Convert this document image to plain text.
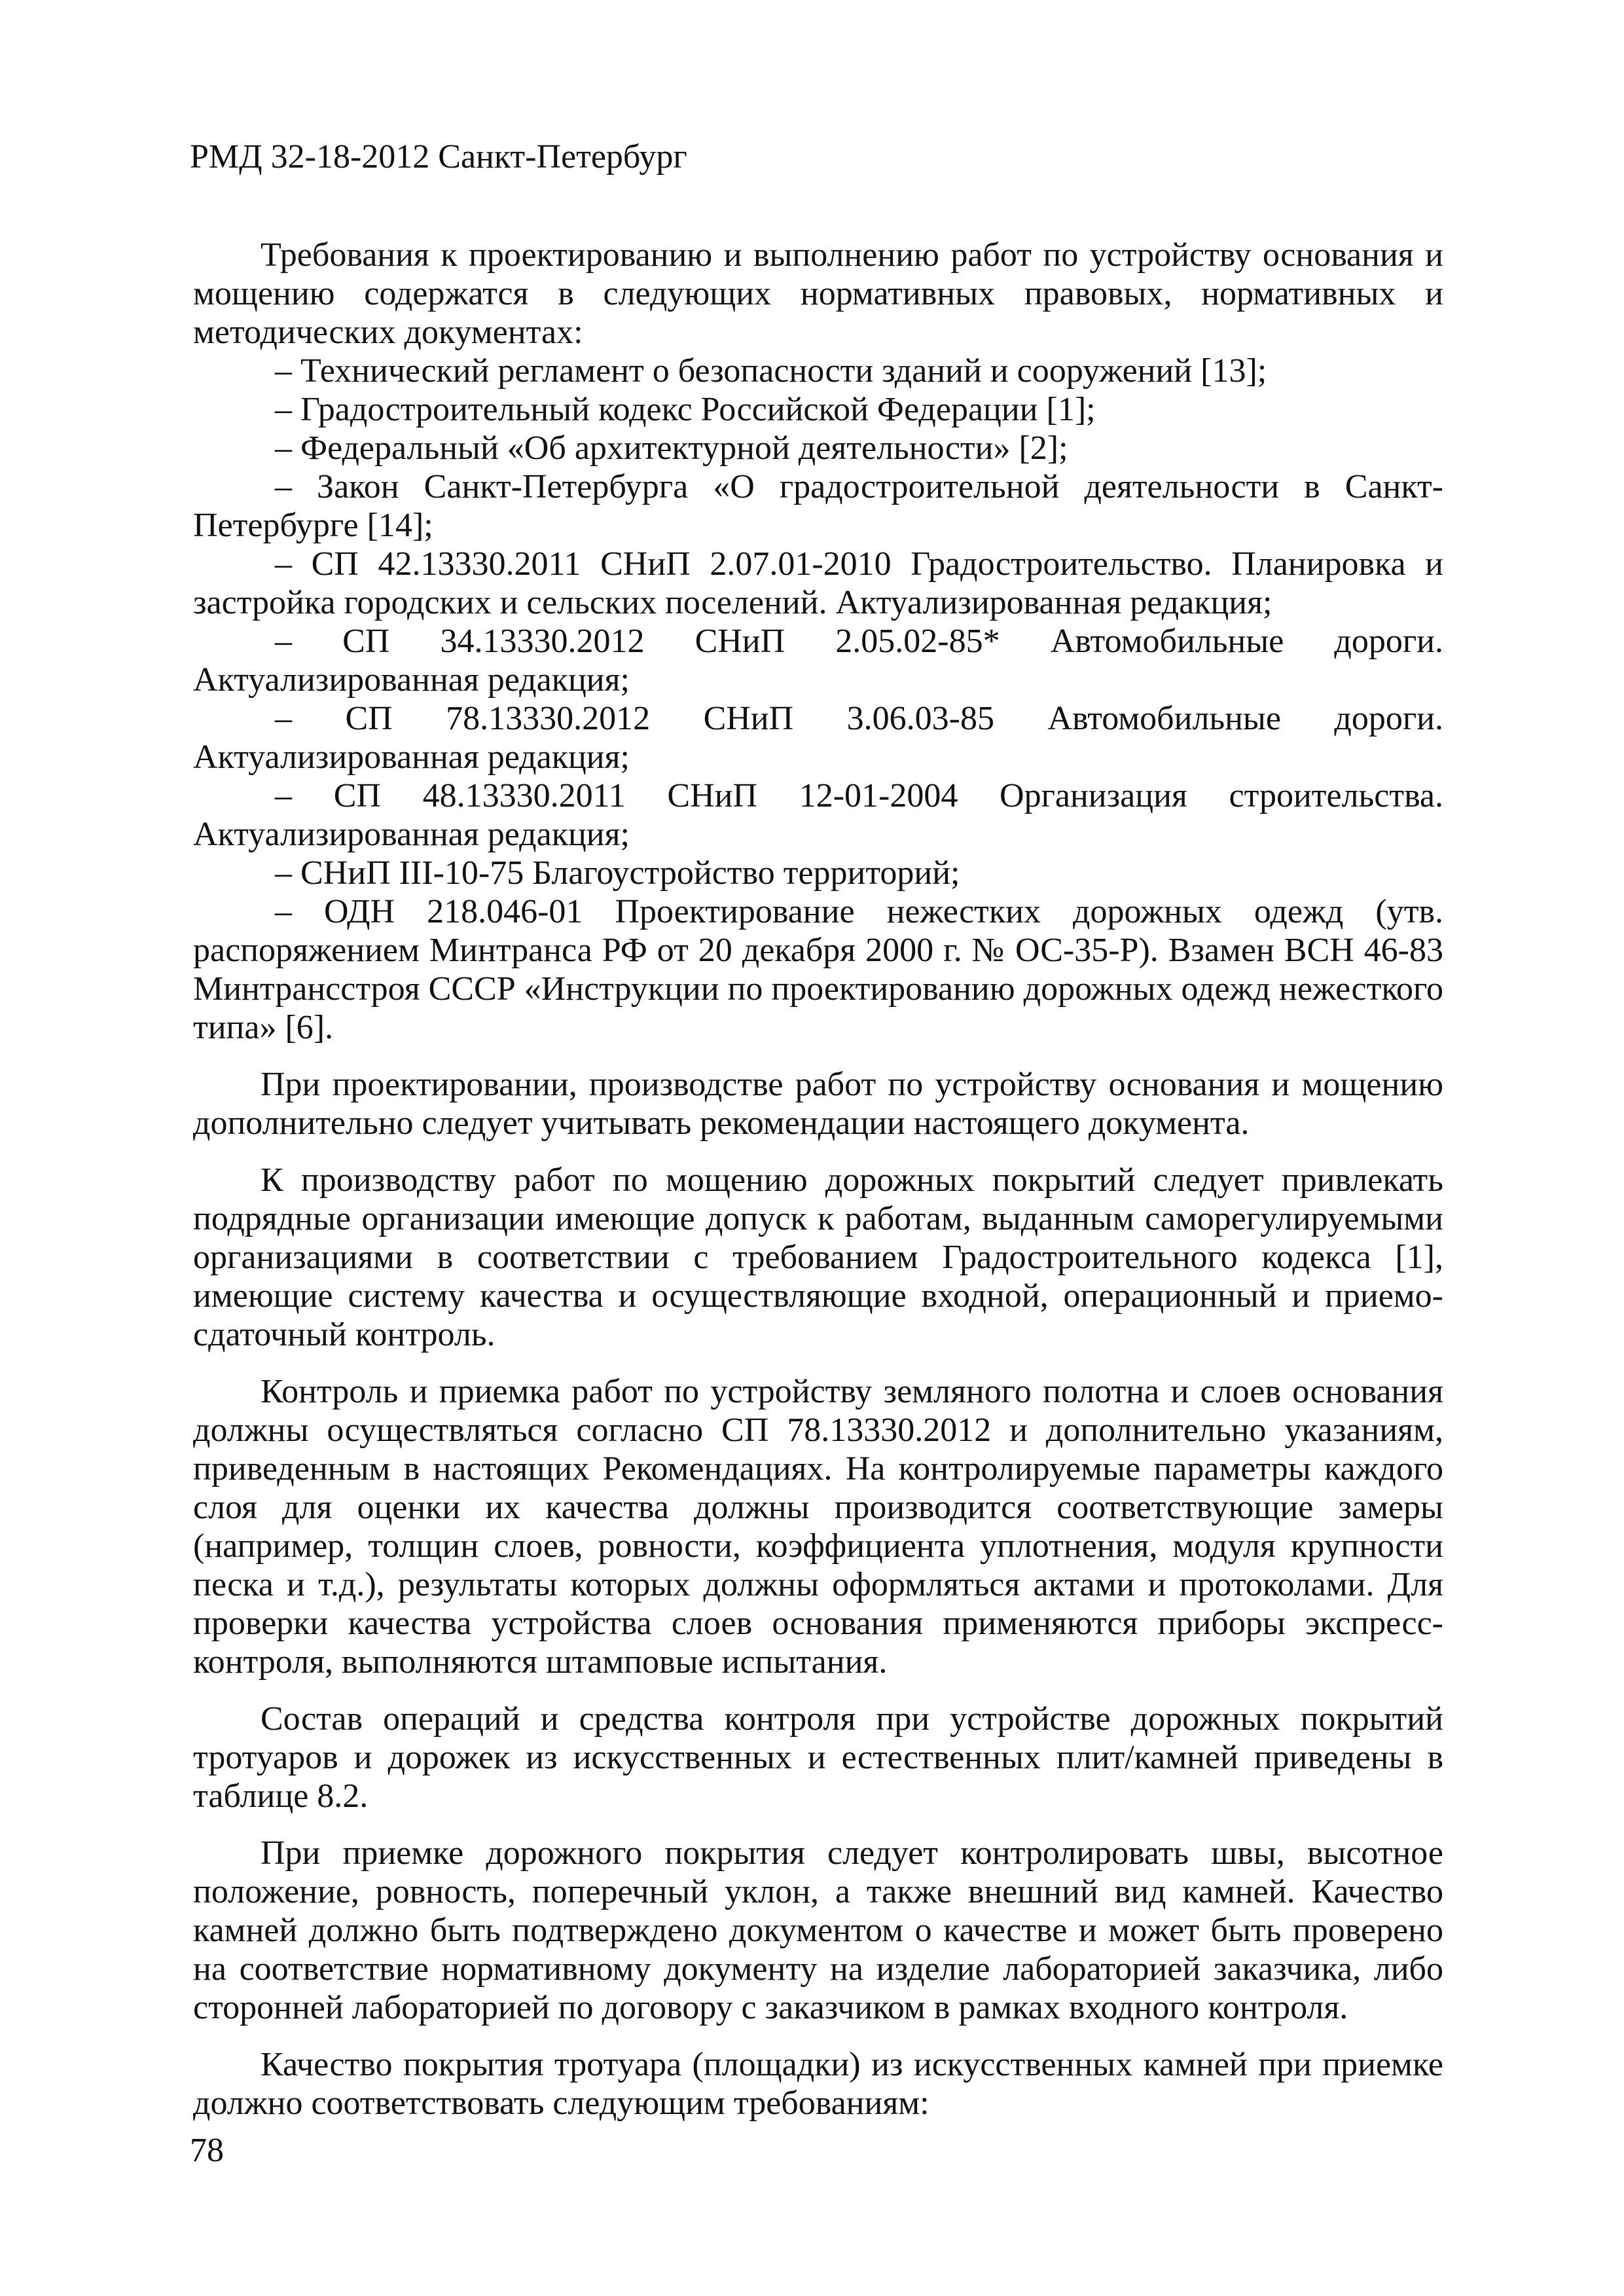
РМД 32-18-2012 Санкт-Петербург

Требования к проектированию и выполнению работ по устройству основания и мощению содержатся в следующих нормативных правовых, нормативных и методических документах:

– Технический регламент о безопасности зданий и сооружений [13];

– Градостроительный кодекс Российской Федерации [1];

– Федеральный «Об архитектурной деятельности» [2];

– Закон Санкт-Петербурга «О градостроительной деятельности в Санкт-Петербурге [14];

– СП 42.13330.2011 СНиП 2.07.01-2010 Градостроительство. Планировка и застройка городских и сельских поселений. Актуализированная редакция;

– СП 34.13330.2012 СНиП 2.05.02-85* Автомобильные дороги. Актуализированная редакция;

– СП 78.13330.2012 СНиП 3.06.03-85 Автомобильные дороги. Актуализированная редакция;

– СП 48.13330.2011 СНиП 12-01-2004 Организация строительства. Актуализированная редакция;

– СНиП III-10-75 Благоустройство территорий;

– ОДН 218.046-01 Проектирование нежестких дорожных одежд (утв. распоряжением Минтранса РФ от 20 декабря 2000 г. № ОС-35-Р). Взамен ВСН 46-83 Минтрансстроя СССР «Инструкции по проектированию дорожных одежд нежесткого типа» [6].

При проектировании, производстве работ по устройству основания и мощению дополнительно следует учитывать рекомендации настоящего документа.

К производству работ по мощению дорожных покрытий следует привлекать подрядные организации имеющие допуск к работам, выданным саморегулируемыми организациями в соответствии с требованием Градостроительного кодекса [1], имеющие систему качества и осуществляющие входной, операционный и приемо-сдаточный контроль.

Контроль и приемка работ по устройству земляного полотна и слоев основания должны осуществляться согласно СП 78.13330.2012 и дополнительно указаниям, приведенным в настоящих Рекомендациях. На контролируемые параметры каждого слоя для оценки их качества должны производится соответствующие замеры (например, толщин слоев, ровности, коэффициента уплотнения, модуля крупности песка и т.д.), результаты которых должны оформляться актами и протоколами. Для проверки качества устройства слоев основания применяются приборы экспресс-контроля, выполняются штамповые испытания.

Состав операций и средства контроля при устройстве дорожных покрытий тротуаров и дорожек из искусственных и естественных плит/камней приведены в таблице 8.2.

При приемке дорожного покрытия следует контролировать швы, высотное положение, ровность, поперечный уклон, а также внешний вид камней. Качество камней должно быть подтверждено документом о качестве и может быть проверено на соответствие нормативному документу на изделие лабораторией заказчика, либо сторонней лабораторией по договору с заказчиком в рамках входного контроля.

Качество покрытия тротуара (площадки) из искусственных камней при приемке должно соответствовать следующим требованиям:

78
